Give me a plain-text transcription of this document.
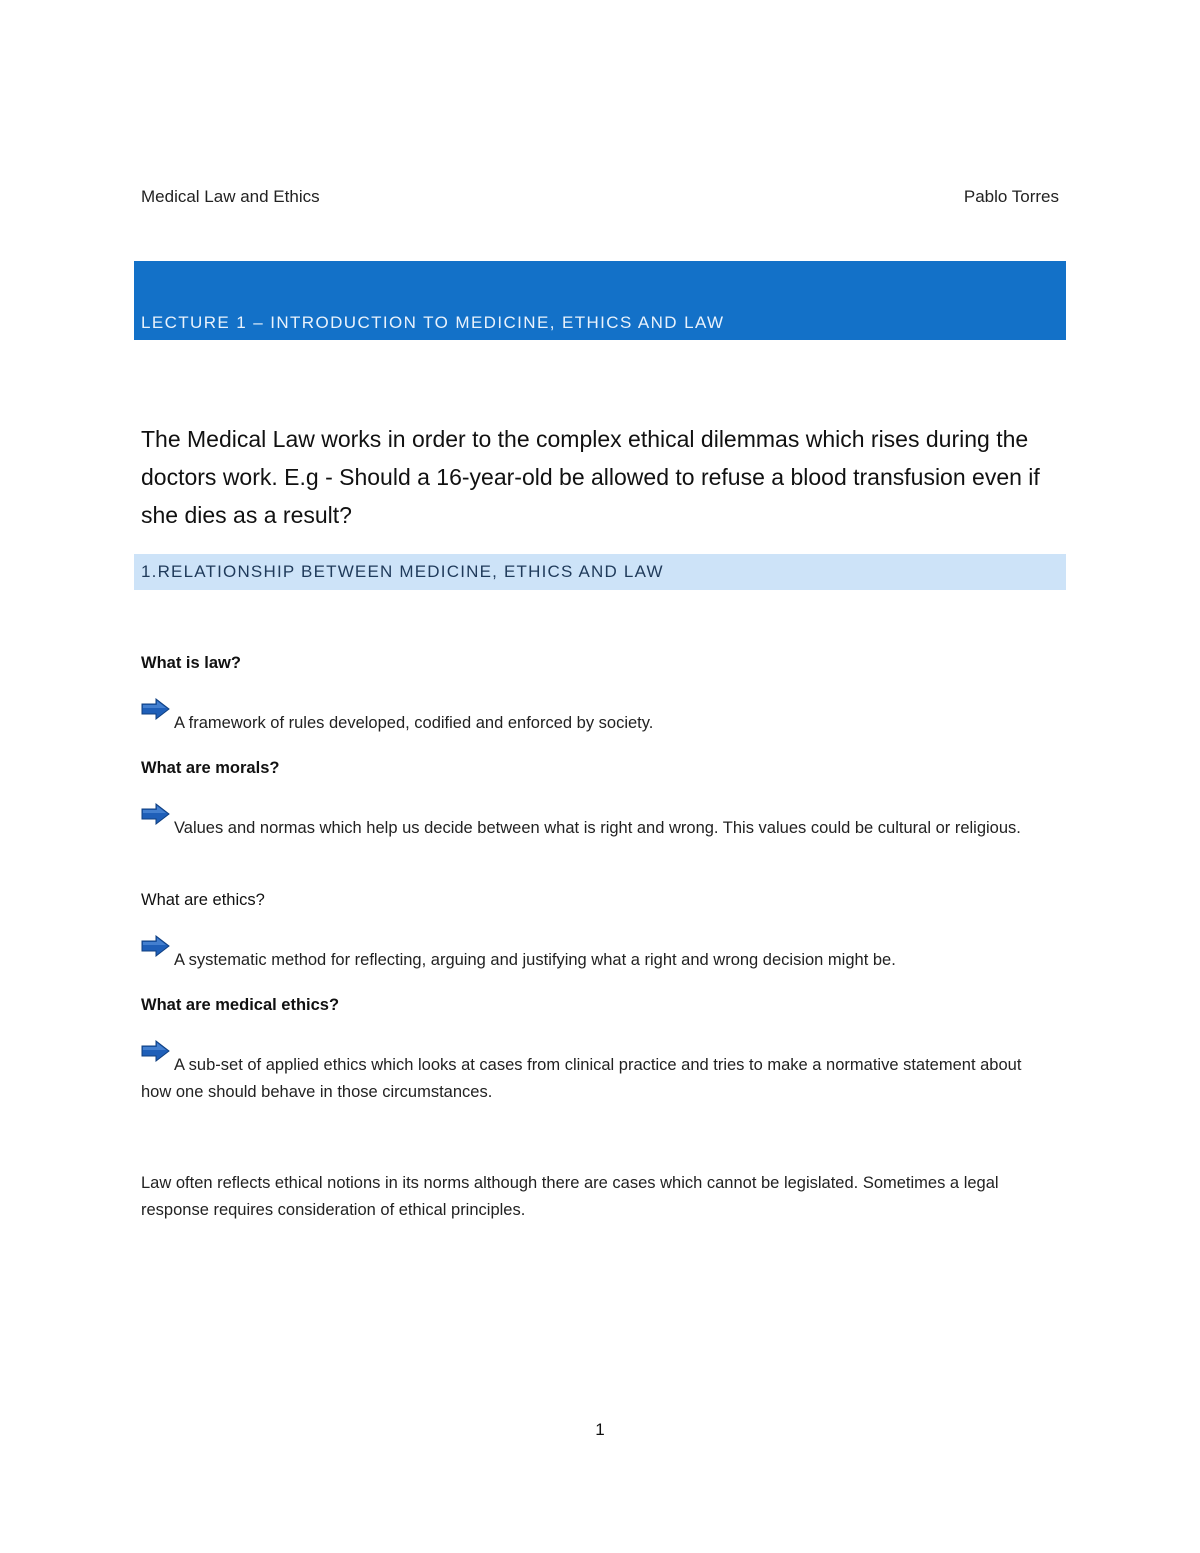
Medical Law and Ethics	Pablo Torres
LECTURE 1 – INTRODUCTION TO MEDICINE, ETHICS AND LAW
The Medical Law works in order to the complex ethical dilemmas which rises during the doctors work. E.g - Should a 16-year-old be allowed to refuse a blood transfusion even if she dies as a result?
1.RELATIONSHIP BETWEEN MEDICINE, ETHICS AND LAW
What is law?
A framework of rules developed, codified and enforced by society.
What are morals?
Values and normas which help us decide between what is right and wrong. This values could be cultural or religious.
What are ethics?
A systematic method for reflecting, arguing and justifying what a right and wrong decision might be.
What are medical ethics?
A sub-set of applied ethics which looks at cases from clinical practice and tries to make a normative statement about how one should behave in those circumstances.
Law often reflects ethical notions in its norms although there are cases which cannot be legislated. Sometimes a legal response requires consideration of ethical principles.
1
